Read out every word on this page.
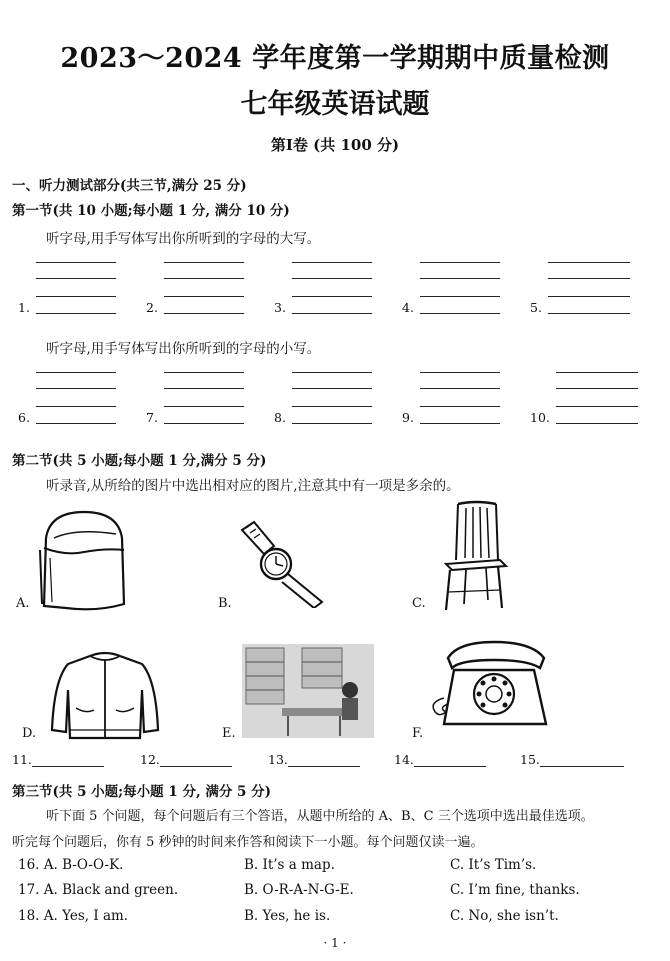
2023～2024 学年度第一学期期中质量检测
七年级英语试题
第Ⅰ卷 (共 100 分)
一、听力测试部分(共三节,满分 25 分)
第一节(共 10 小题;每小题 1 分, 满分 10 分)
听字母,用手写体写出你所听到的字母的大写。
1.	2.	3.	4.	5.
听字母,用手写体写出你所听到的字母的小写。
6.	7.	8.	9.	10.
第二节(共 5 小题;每小题 1 分,满分 5 分)
听录音,从所给的图片中选出相对应的图片,注意其中有一项是多余的。
A.	B.	C.
D.	E.	F.
11.	12.	13.	14.	15.
第三节(共 5 小题;每小题 1 分, 满分 5 分)
听下面 5 个问题，每个问题后有三个答语，从题中所给的 A、B、C 三个选项中选出最佳选项。
听完每个问题后，你有 5 秒钟的时间来作答和阅读下一小题。每个问题仅读一遍。
16. A. B-O-O-K.	B. It’s a map.	C. It’s Tim’s.
17. A. Black and green.	B. O-R-A-N-G-E.	C. I’m fine, thanks.
18. A. Yes, I am.	B. Yes, he is.	C. No, she isn’t.
· 1 ·
